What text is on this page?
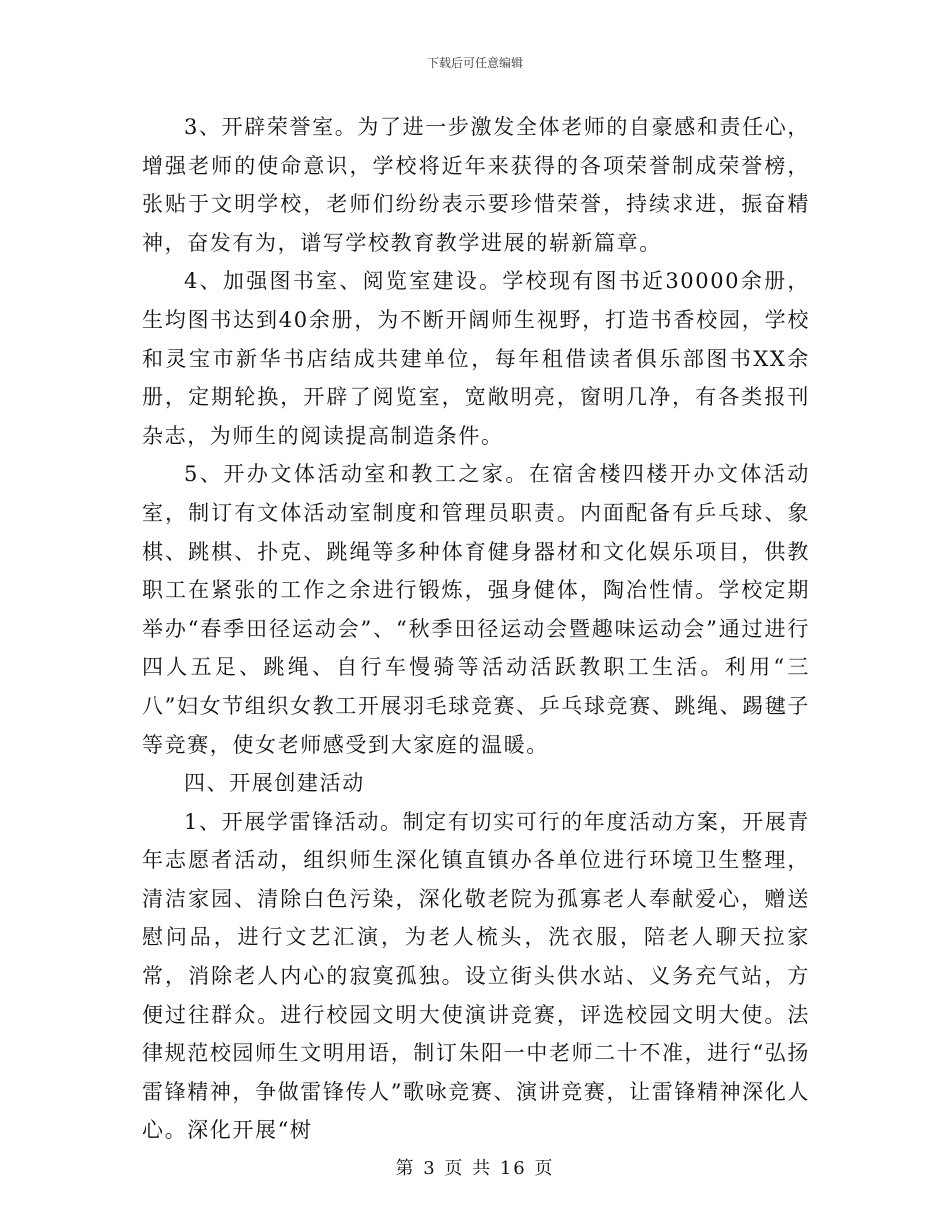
下载后可任意编辑

3、开辟荣誉室。为了进一步激发全体老师的自豪感和责任心，增强老师的使命意识，学校将近年来获得的各项荣誉制成荣誉榜，张贴于文明学校，老师们纷纷表示要珍惜荣誉，持续求进，振奋精神，奋发有为，谱写学校教育教学进展的崭新篇章。

4、加强图书室、阅览室建设。学校现有图书近30000余册，生均图书达到40余册，为不断开阔师生视野，打造书香校园，学校和灵宝市新华书店结成共建单位，每年租借读者俱乐部图书XX余册，定期轮换，开辟了阅览室，宽敞明亮，窗明几净，有各类报刊杂志，为师生的阅读提高制造条件。

5、开办文体活动室和教工之家。在宿舍楼四楼开办文体活动室，制订有文体活动室制度和管理员职责。内面配备有乒乓球、象棋、跳棋、扑克、跳绳等多种体育健身器材和文化娱乐项目，供教职工在紧张的工作之余进行锻炼，强身健体，陶冶性情。学校定期举办“春季田径运动会”、“秋季田径运动会暨趣味运动会”通过进行四人五足、跳绳、自行车慢骑等活动活跃教职工生活。利用“三八”妇女节组织女教工开展羽毛球竞赛、乒乓球竞赛、跳绳、踢毽子等竞赛，使女老师感受到大家庭的温暖。

四、开展创建活动

1、开展学雷锋活动。制定有切实可行的年度活动方案，开展青年志愿者活动，组织师生深化镇直镇办各单位进行环境卫生整理，清洁家园、清除白色污染，深化敬老院为孤寡老人奉献爱心，赠送慰问品，进行文艺汇演，为老人梳头，洗衣服，陪老人聊天拉家常，消除老人内心的寂寞孤独。设立街头供水站、义务充气站，方便过往群众。进行校园文明大使演讲竞赛，评选校园文明大使。法律规范校园师生文明用语，制订朱阳一中老师二十不准，进行“弘扬雷锋精神，争做雷锋传人”歌咏竞赛、演讲竞赛，让雷锋精神深化人心。深化开展“树

第 3 页 共 16 页
